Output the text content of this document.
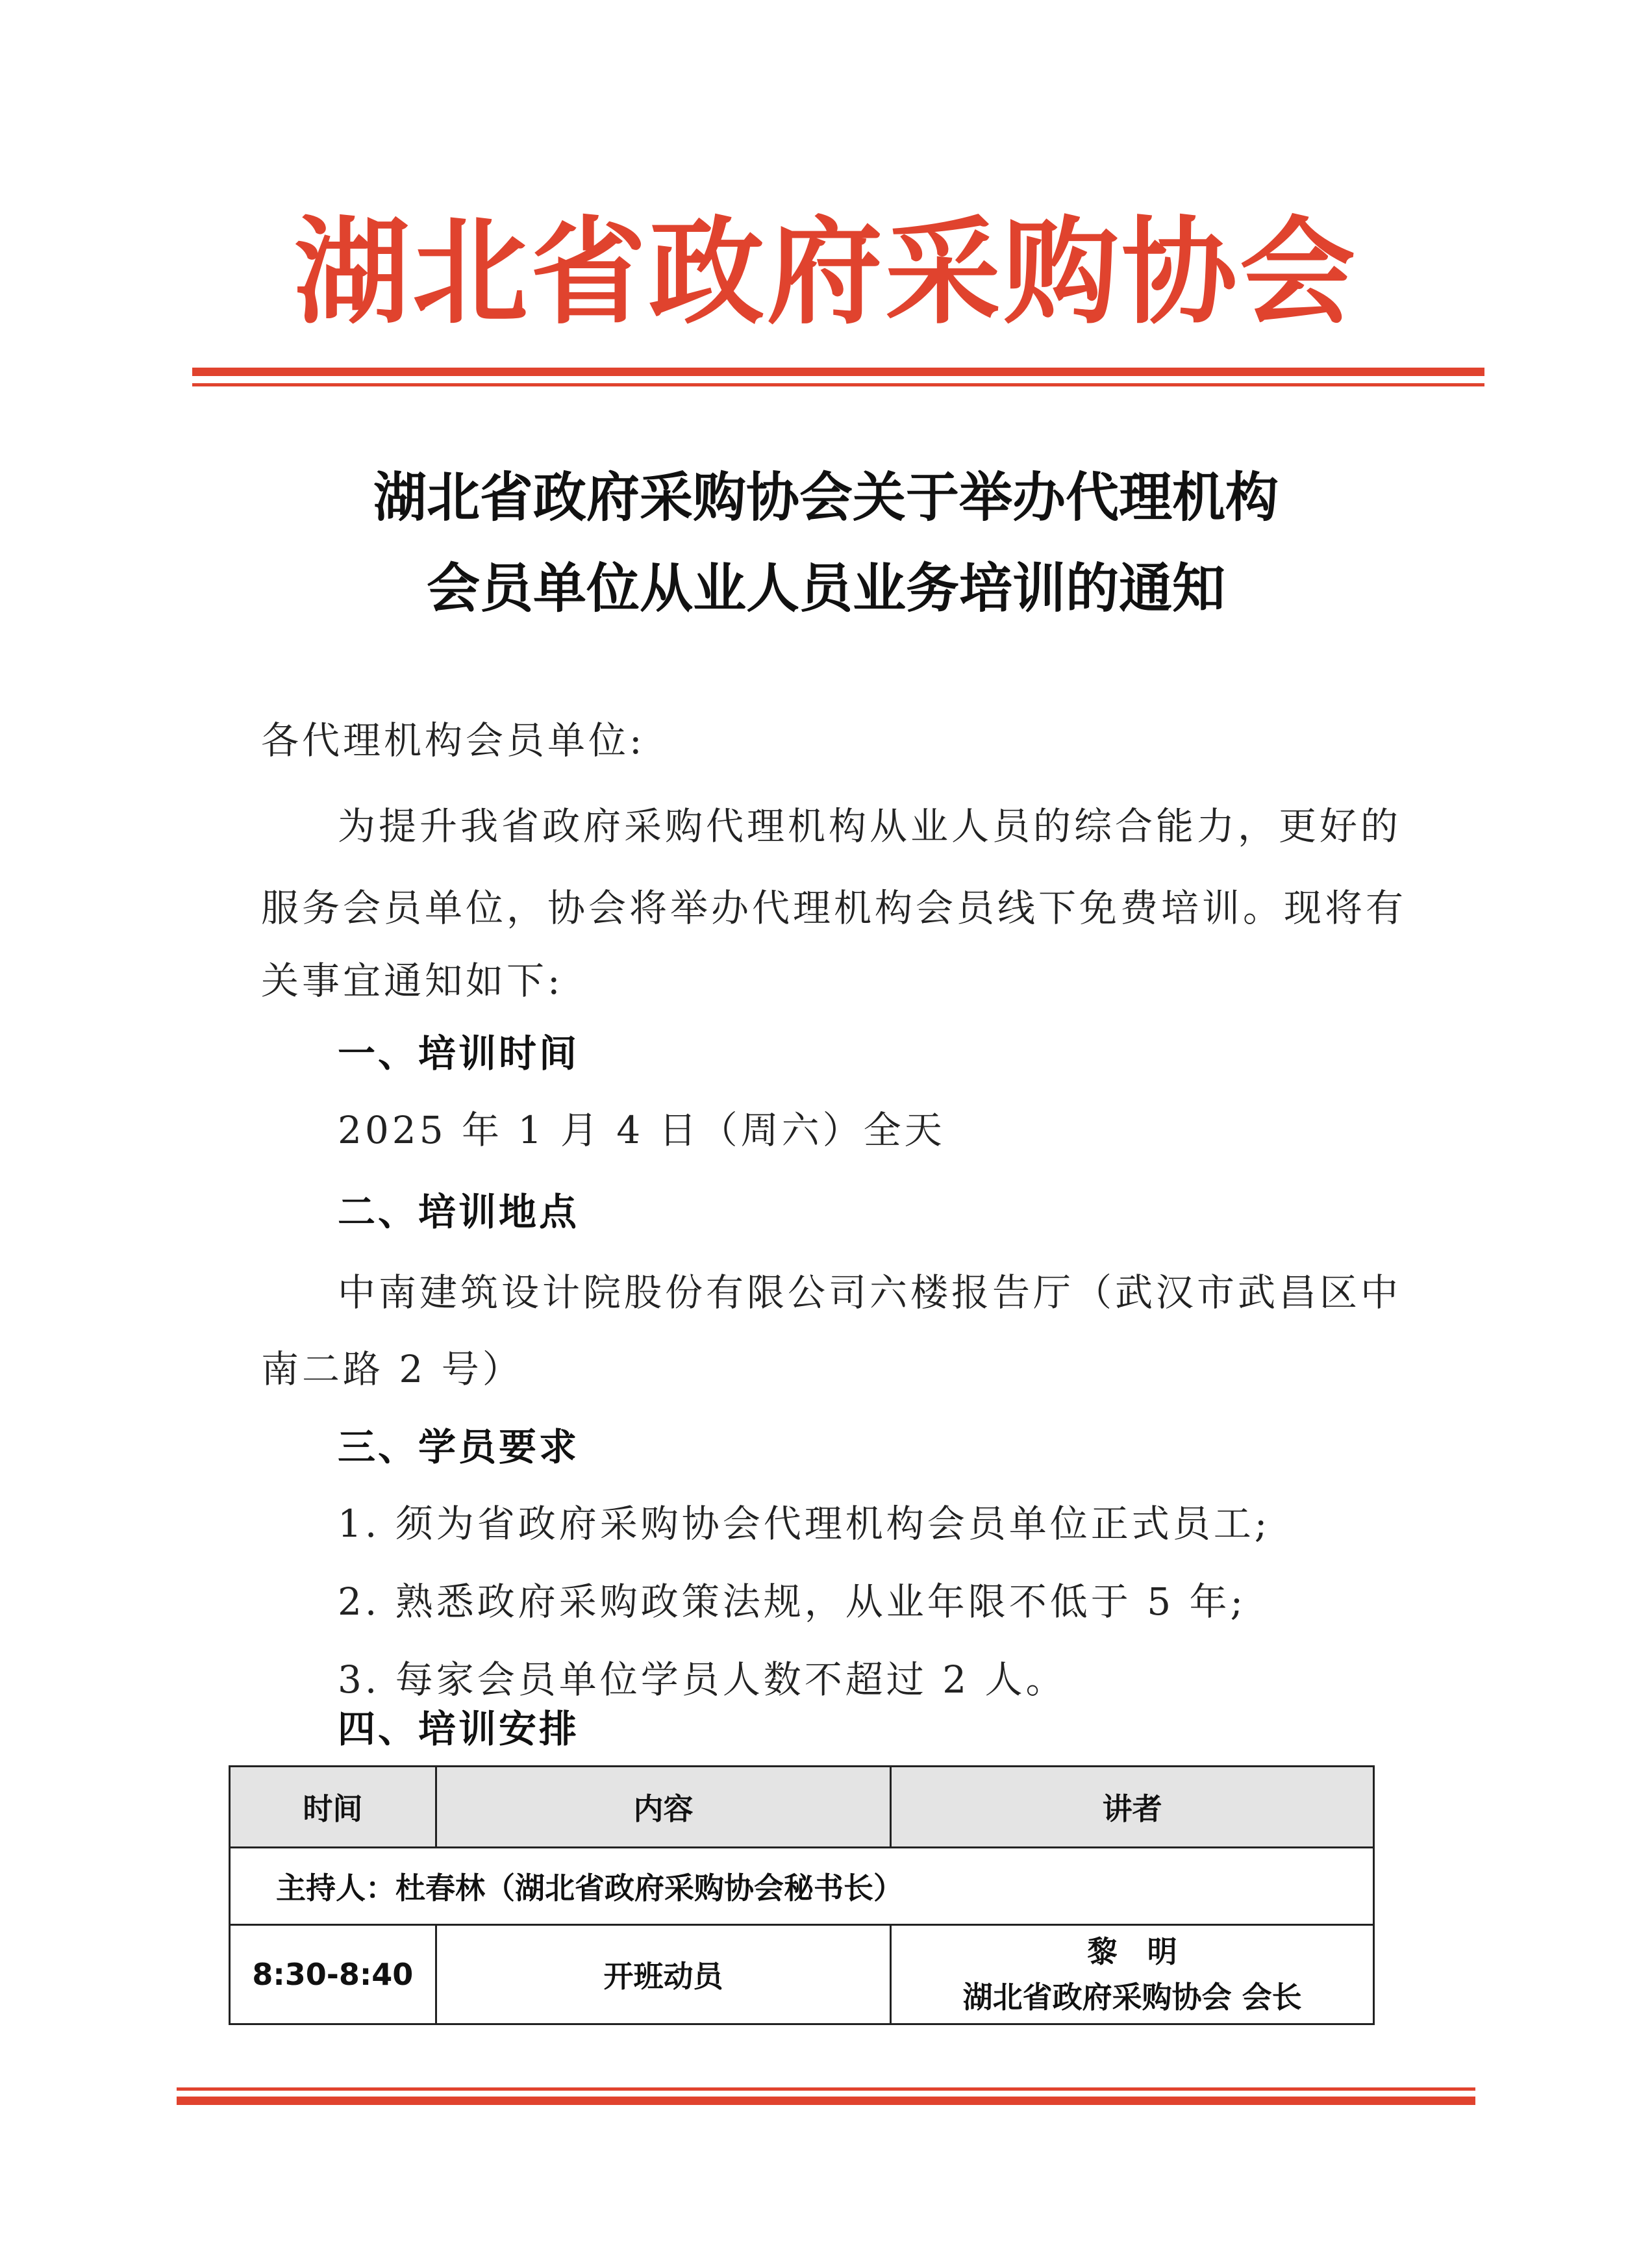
湖北省政府采购协会
湖北省政府采购协会关于举办代理机构
会员单位从业人员业务培训的通知
各代理机构会员单位:
为提升我省政府采购代理机构从业人员的综合能力，更好的
服务会员单位，协会将举办代理机构会员线下免费培训。现将有
关事宜通知如下:
一、培训时间
2025 年 1 月 4 日（周六）全天
二、培训地点
中南建筑设计院股份有限公司六楼报告厅（武汉市武昌区中
南二路 2 号）
三、学员要求
1. 须为省政府采购协会代理机构会员单位正式员工;
2. 熟悉政府采购政策法规，从业年限不低于 5 年;
3. 每家会员单位学员人数不超过 2 人。
四、培训安排
时间	内容	讲者
主持人：杜春林（湖北省政府采购协会秘书长）		
8:30-8:40	开班动员	黎　明
湖北省政府采购协会 会长
